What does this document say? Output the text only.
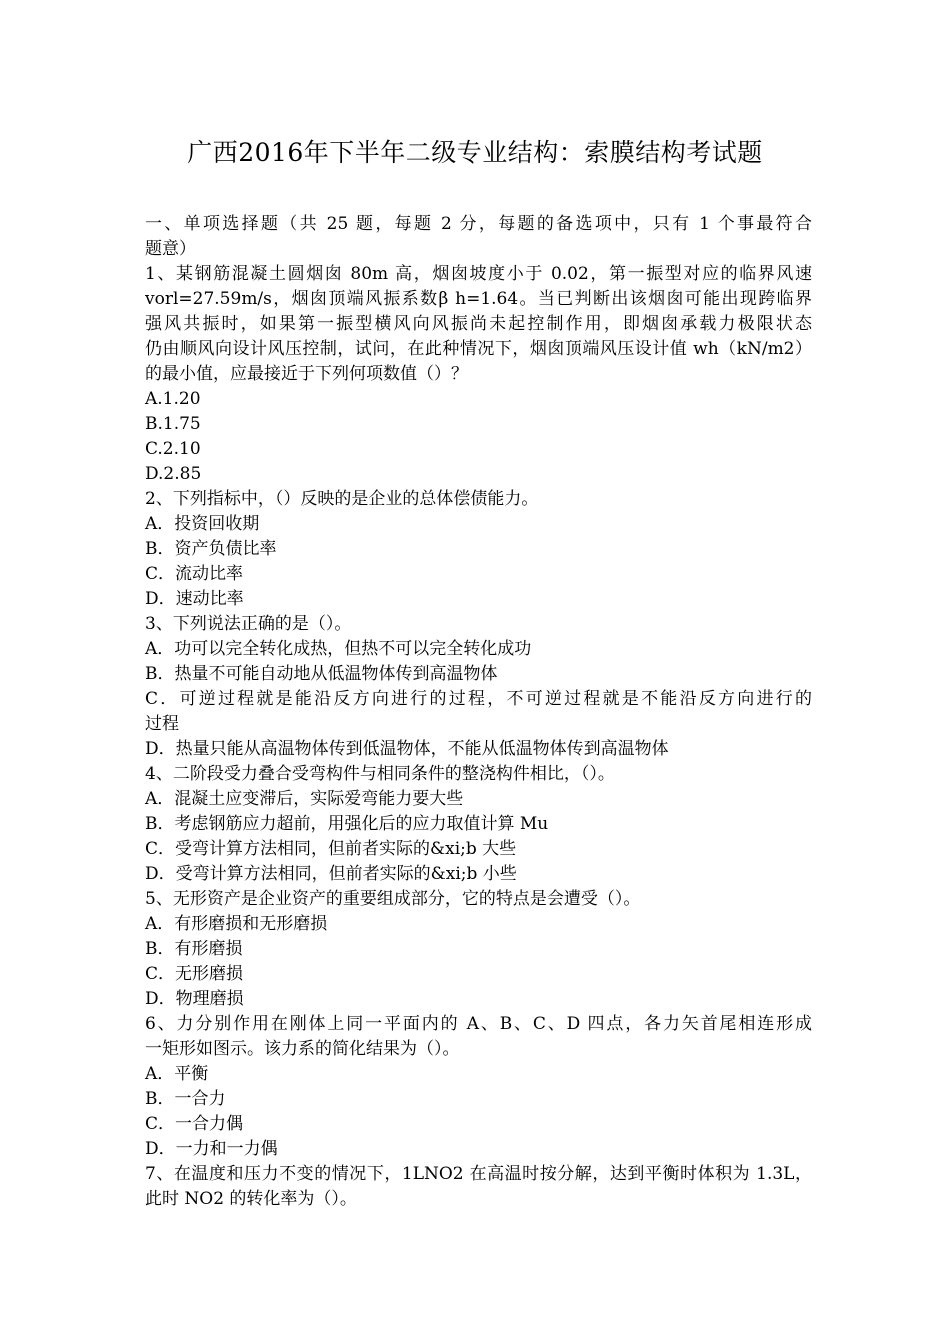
广西2016年下半年二级专业结构：索膜结构考试题
一、单项选择题（共 25 题，每题 2 分，每题的备选项中，只有 1 个事最符合
题意）
1、某钢筋混凝土圆烟囱 80m 高，烟囱坡度小于 0.02，第一振型对应的临界风速
vorl=27.59m/s，烟囱顶端风振系数β h=1.64。当已判断出该烟囱可能出现跨临界
强风共振时，如果第一振型横风向风振尚未起控制作用，即烟囱承载力极限状态
仍由顺风向设计风压控制，试问，在此种情况下，烟囱顶端风压设计值 wh（kN/m2）
的最小值，应最接近于下列何项数值（）？
A.1.20
B.1.75
C.2.10
D.2.85
2、下列指标中，（）反映的是企业的总体偿债能力。
A．投资回收期
B．资产负债比率
C．流动比率
D．速动比率
3、下列说法正确的是（）。
A．功可以完全转化成热，但热不可以完全转化成功
B．热量不可能自动地从低温物体传到高温物体
C．可逆过程就是能沿反方向进行的过程，不可逆过程就是不能沿反方向进行的
过程
D．热量只能从高温物体传到低温物体，不能从低温物体传到高温物体
4、二阶段受力叠合受弯构件与相同条件的整浇构件相比，（）。
A．混凝土应变滞后，实际爱弯能力要大些
B．考虑钢筋应力超前，用强化后的应力取值计算 Mu
C．受弯计算方法相同，但前者实际的&xi;b 大些
D．受弯计算方法相同，但前者实际的&xi;b 小些
5、无形资产是企业资产的重要组成部分，它的特点是会遭受（）。
A．有形磨损和无形磨损
B．有形磨损
C．无形磨损
D．物理磨损
6、力分别作用在刚体上同一平面内的 A、B、C、D 四点，各力矢首尾相连形成
一矩形如图示。该力系的简化结果为（）。
A．平衡
B．一合力
C．一合力偶
D．一力和一力偶
7、在温度和压力不变的情况下，1LNO2 在高温时按分解，达到平衡时体积为 1.3L，
此时 NO2 的转化率为（）。
